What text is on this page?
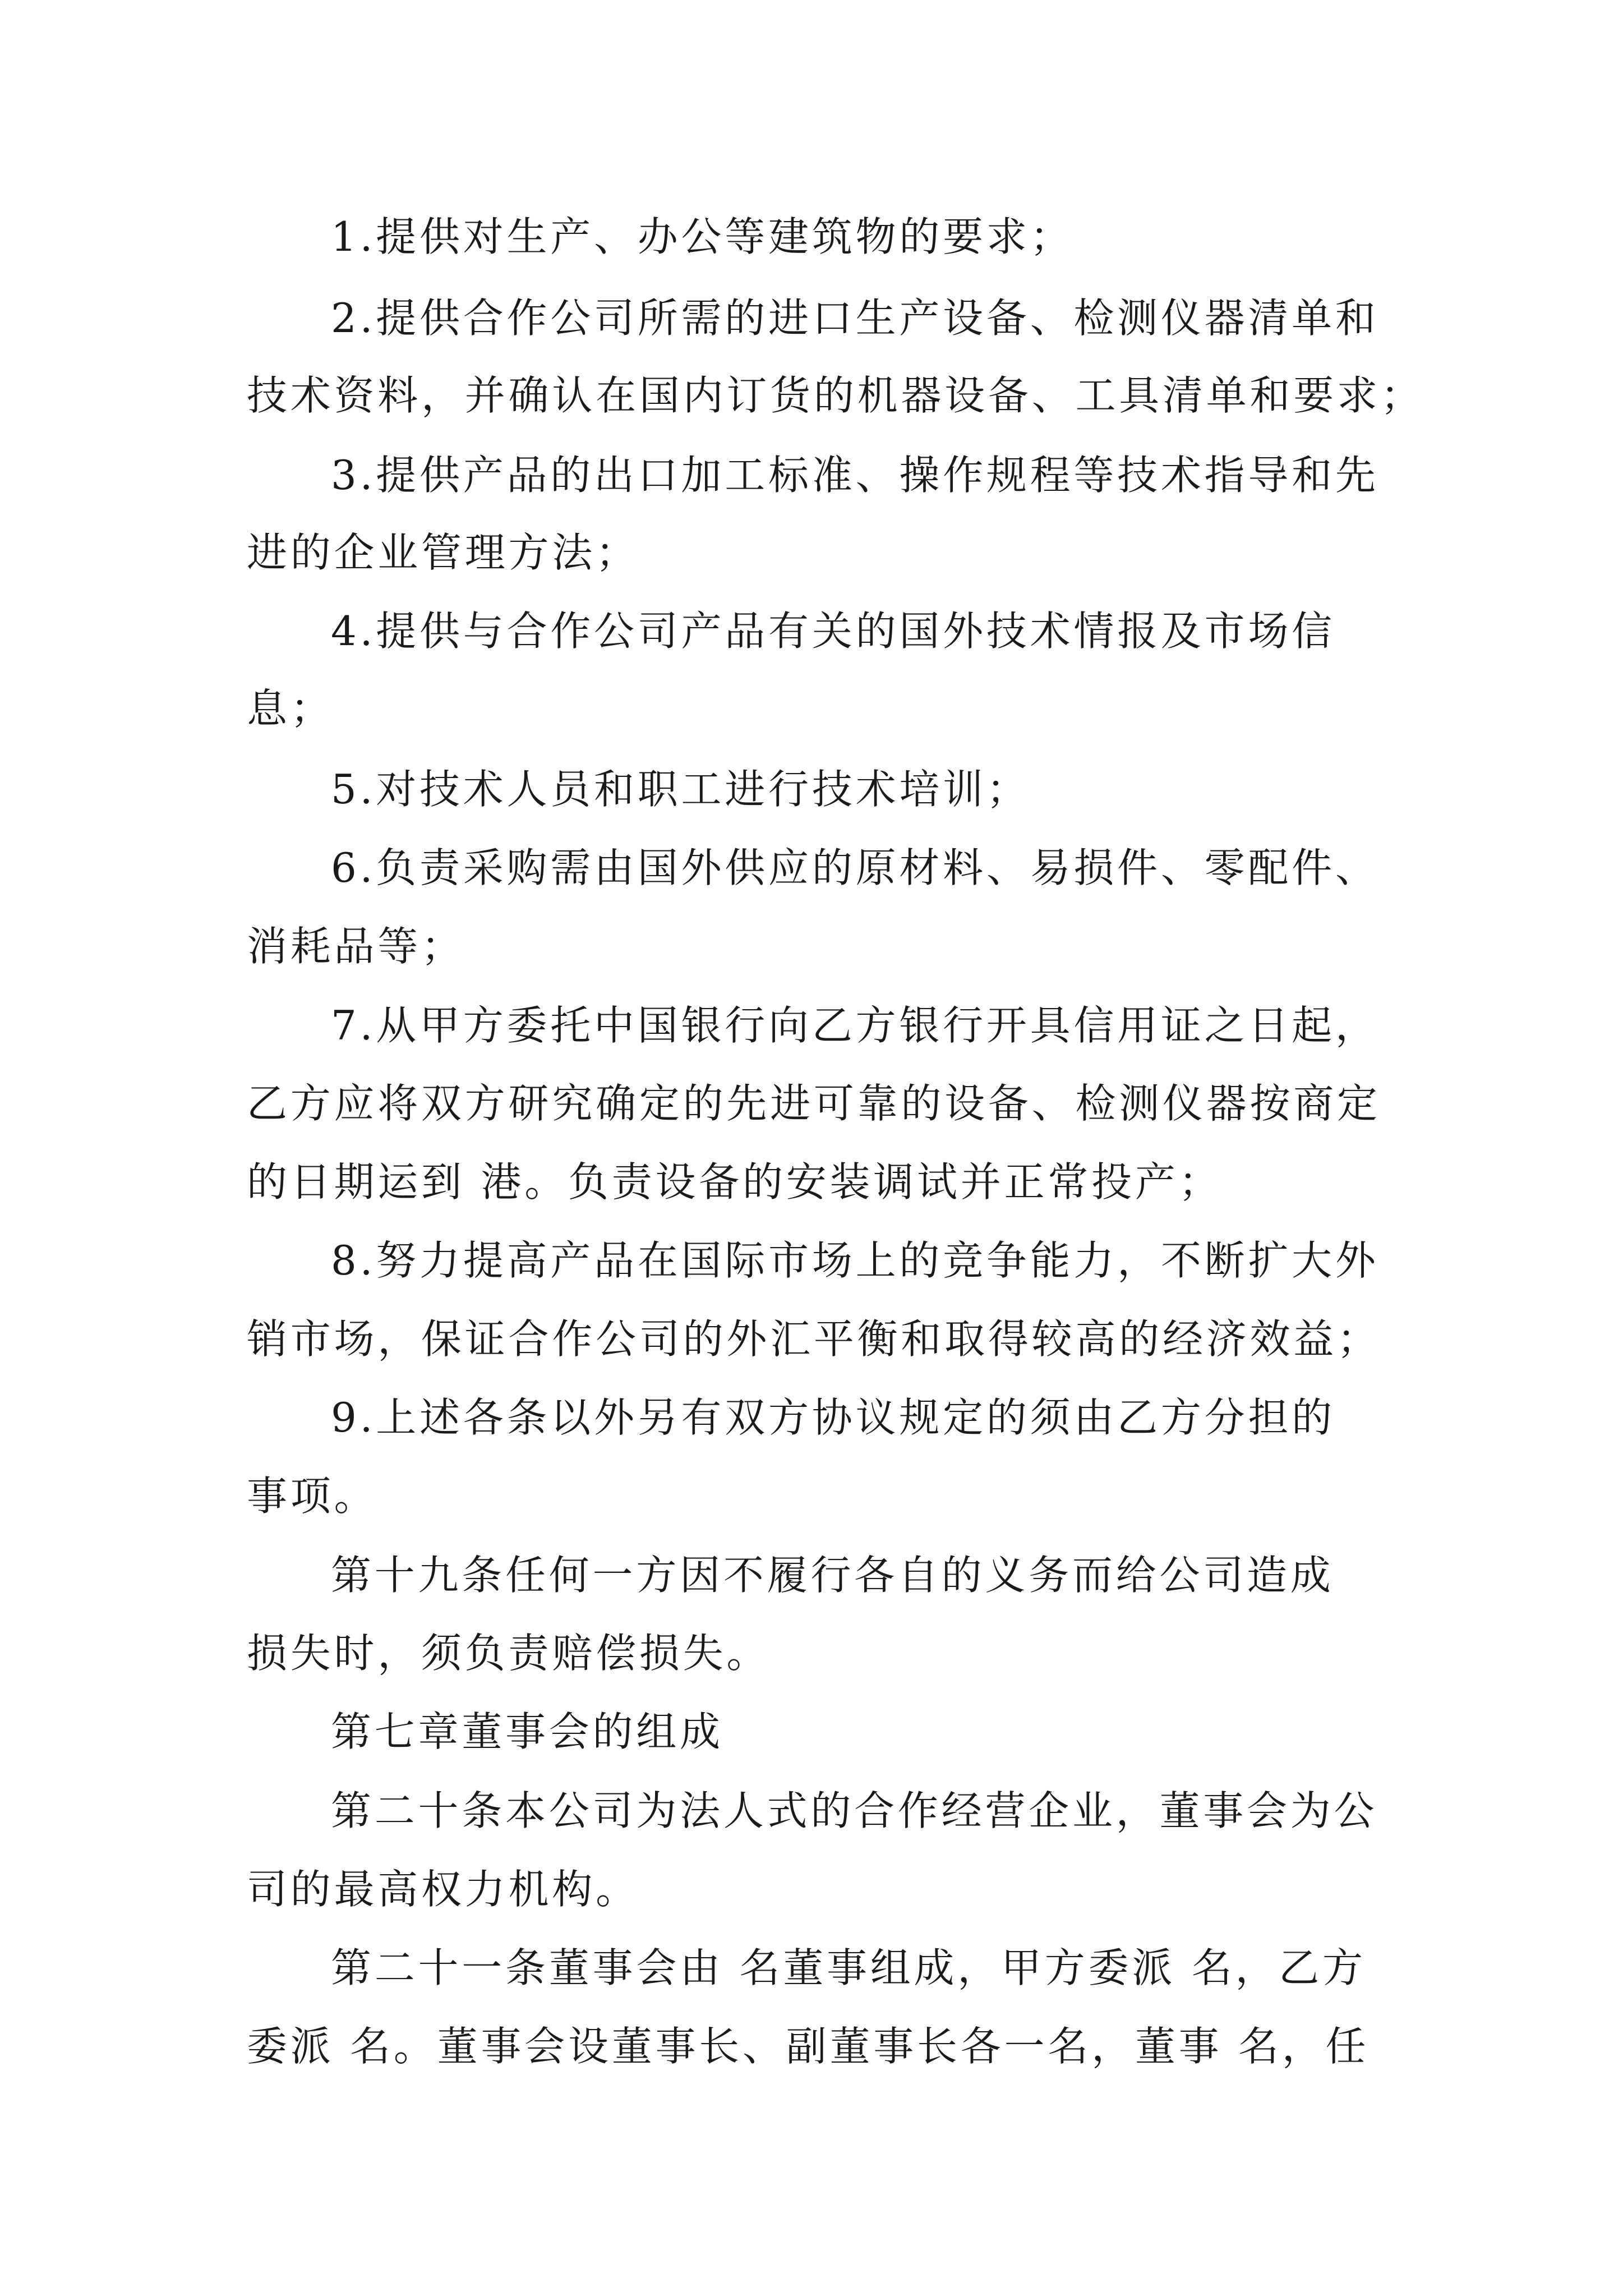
1.提供对生产、办公等建筑物的要求；

2.提供合作公司所需的进口生产设备、检测仪器清单和

技术资料，并确认在国内订货的机器设备、工具清单和要求；

3.提供产品的出口加工标准、操作规程等技术指导和先

进的企业管理方法；

4.提供与合作公司产品有关的国外技术情报及市场信

息；

5.对技术人员和职工进行技术培训；

6.负责采购需由国外供应的原材料、易损件、零配件、

消耗品等；

7.从甲方委托中国银行向乙方银行开具信用证之日起，

乙方应将双方研究确定的先进可靠的设备、检测仪器按商定

的日期运到 港。负责设备的安装调试并正常投产；

8.努力提高产品在国际市场上的竞争能力，不断扩大外

销市场，保证合作公司的外汇平衡和取得较高的经济效益；

9.上述各条以外另有双方协议规定的须由乙方分担的

事项。

第十九条任何一方因不履行各自的义务而给公司造成

损失时，须负责赔偿损失。

第七章董事会的组成

第二十条本公司为法人式的合作经营企业，董事会为公

司的最高权力机构。

第二十一条董事会由 名董事组成，甲方委派 名，乙方

委派 名。董事会设董事长、副董事长各一名，董事 名，任
